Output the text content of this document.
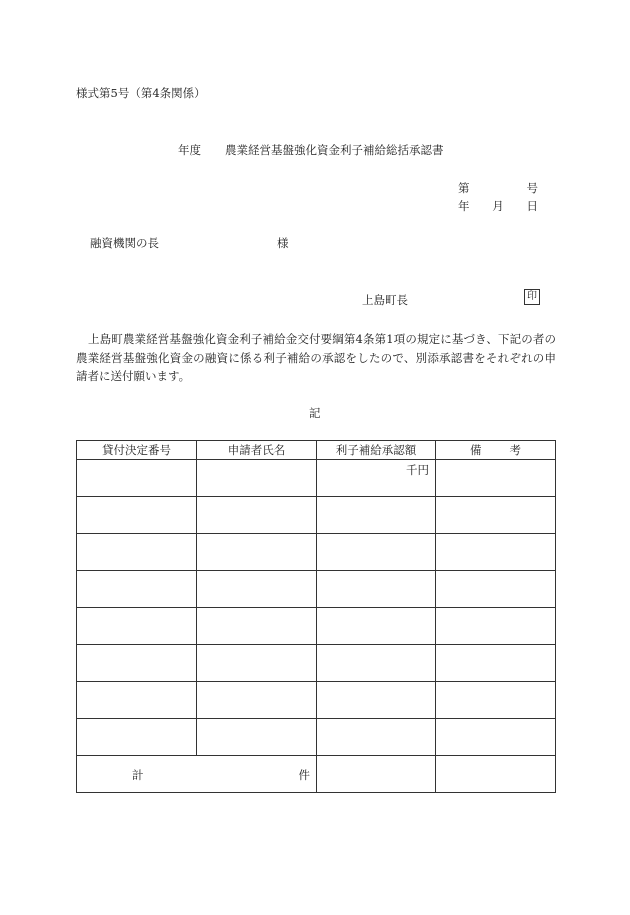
様式第5号（第4条関係）
年度 農業経営基盤強化資金利子補給総括承認書
第	号
年 月 日
融資機関の長	様
上島町長	印
上島町農業経営基盤強化資金利子補給金交付要綱第4条第1項の規定に基づき、下記の者の農業経営基盤強化資金の融資に係る利子補給の承認をしたので、別添承認書をそれぞれの申請者に送付願います。
記
貸付決定番号	申請者氏名	利子補給承認額	備 考

		千円	

計 件			
